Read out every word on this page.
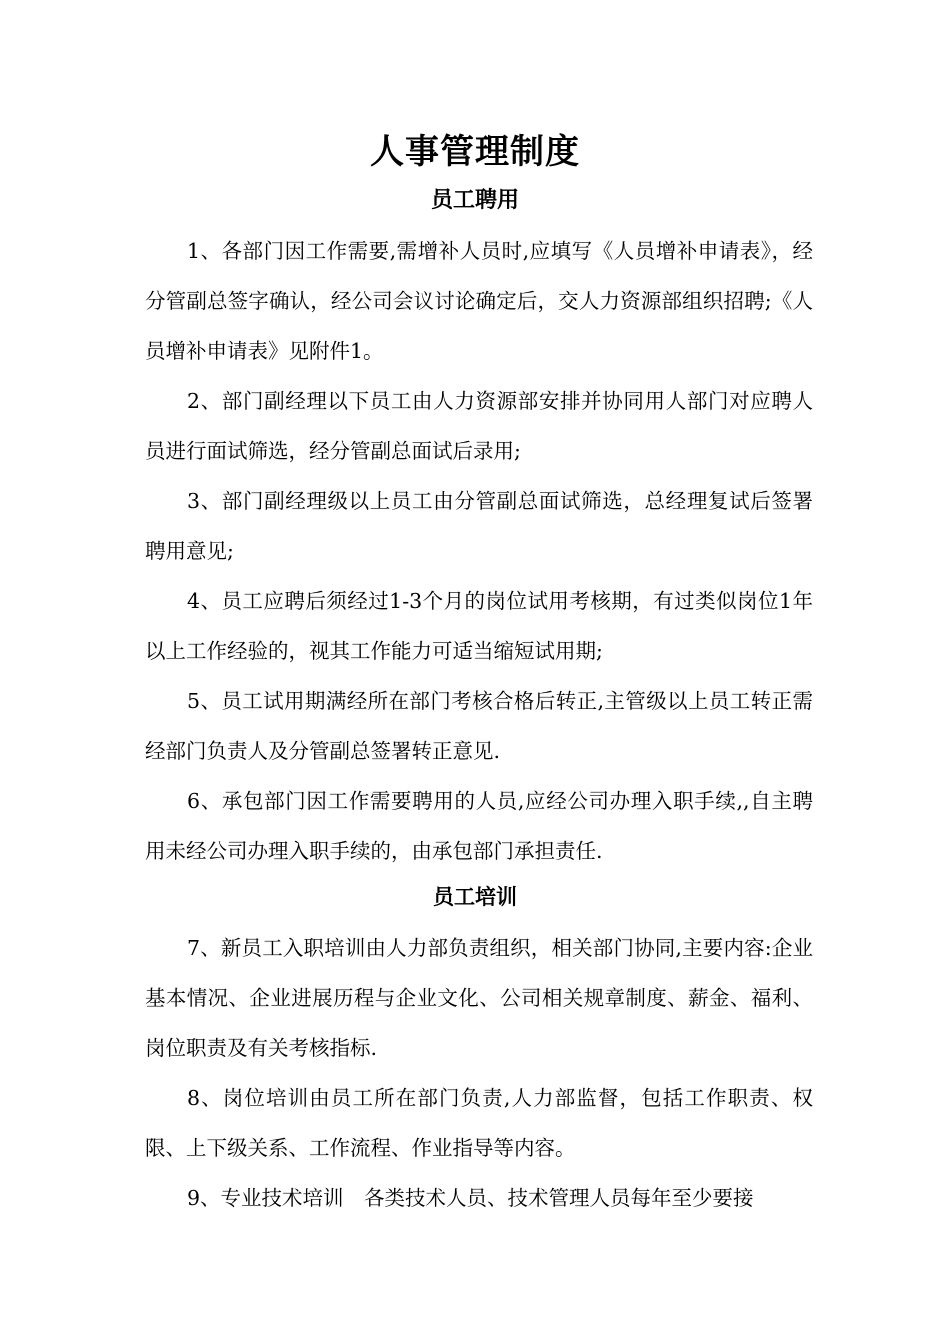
人事管理制度
员工聘用

1、各部门因工作需要,需增补人员时,应填写《人员增补申请表》，经分管副总签字确认，经公司会议讨论确定后，交人力资源部组织招聘;《人员增补申请表》见附件1。

2、部门副经理以下员工由人力资源部安排并协同用人部门对应聘人员进行面试筛选，经分管副总面试后录用;

3、部门副经理级以上员工由分管副总面试筛选，总经理复试后签署聘用意见;

4、员工应聘后须经过1-3个月的岗位试用考核期，有过类似岗位1年以上工作经验的，视其工作能力可适当缩短试用期;

5、员工试用期满经所在部门考核合格后转正,主管级以上员工转正需经部门负责人及分管副总签署转正意见.

6、承包部门因工作需要聘用的人员,应经公司办理入职手续,,自主聘用未经公司办理入职手续的，由承包部门承担责任.

员工培训

7、新员工入职培训由人力部负责组织，相关部门协同,主要内容:企业基本情况、企业进展历程与企业文化、公司相关规章制度、薪金、福利、岗位职责及有关考核指标.

8、岗位培训由员工所在部门负责,人力部监督，包括工作职责、权限、上下级关系、工作流程、作业指导等内容。

9、专业技术培训　各类技术人员、技术管理人员每年至少要接
